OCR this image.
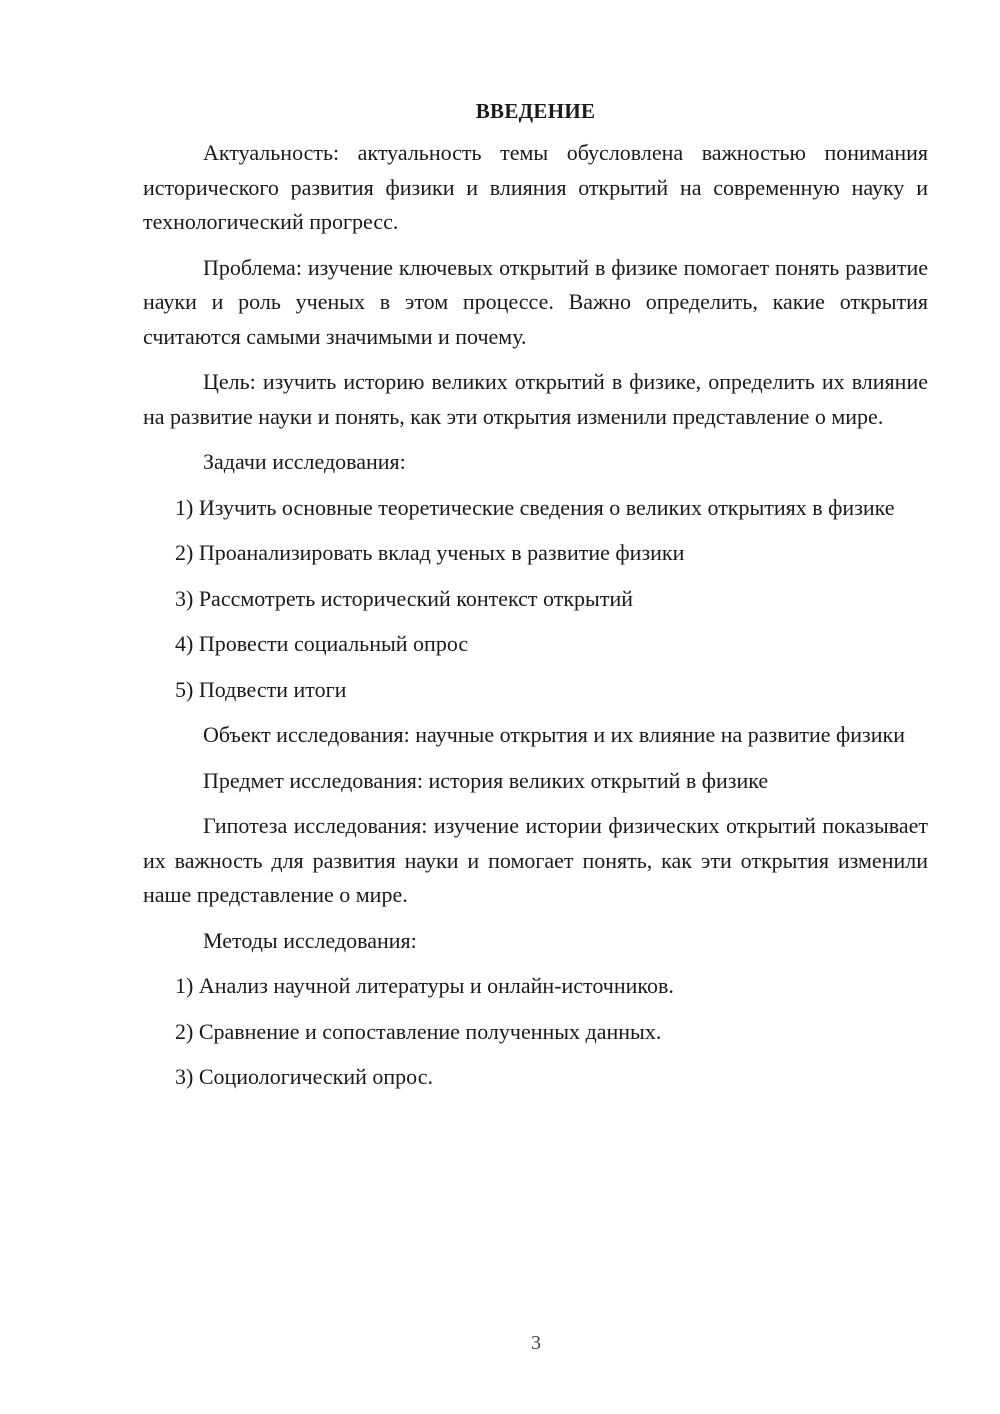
ВВЕДЕНИЕ

Актуальность: актуальность темы обусловлена важностью понимания исторического развития физики и влияния открытий на современную науку и технологический прогресс.

Проблема: изучение ключевых открытий в физике помогает понять развитие науки и роль ученых в этом процессе. Важно определить, какие открытия считаются самыми значимыми и почему.

Цель: изучить историю великих открытий в физике, определить их влияние на развитие науки и понять, как эти открытия изменили представление о мире.

Задачи исследования:

1) Изучить основные теоретические сведения о великих открытиях в физике

2) Проанализировать вклад ученых в развитие физики

3) Рассмотреть исторический контекст открытий

4) Провести социальный опрос

5) Подвести итоги

Объект исследования: научные открытия и их влияние на развитие физики

Предмет исследования: история великих открытий в физике

Гипотеза исследования: изучение истории физических открытий показывает их важность для развития науки и помогает понять, как эти открытия изменили наше представление о мире.

Методы исследования:

1) Анализ научной литературы и онлайн-источников.

2) Сравнение и сопоставление полученных данных.

3) Социологический опрос.

3
